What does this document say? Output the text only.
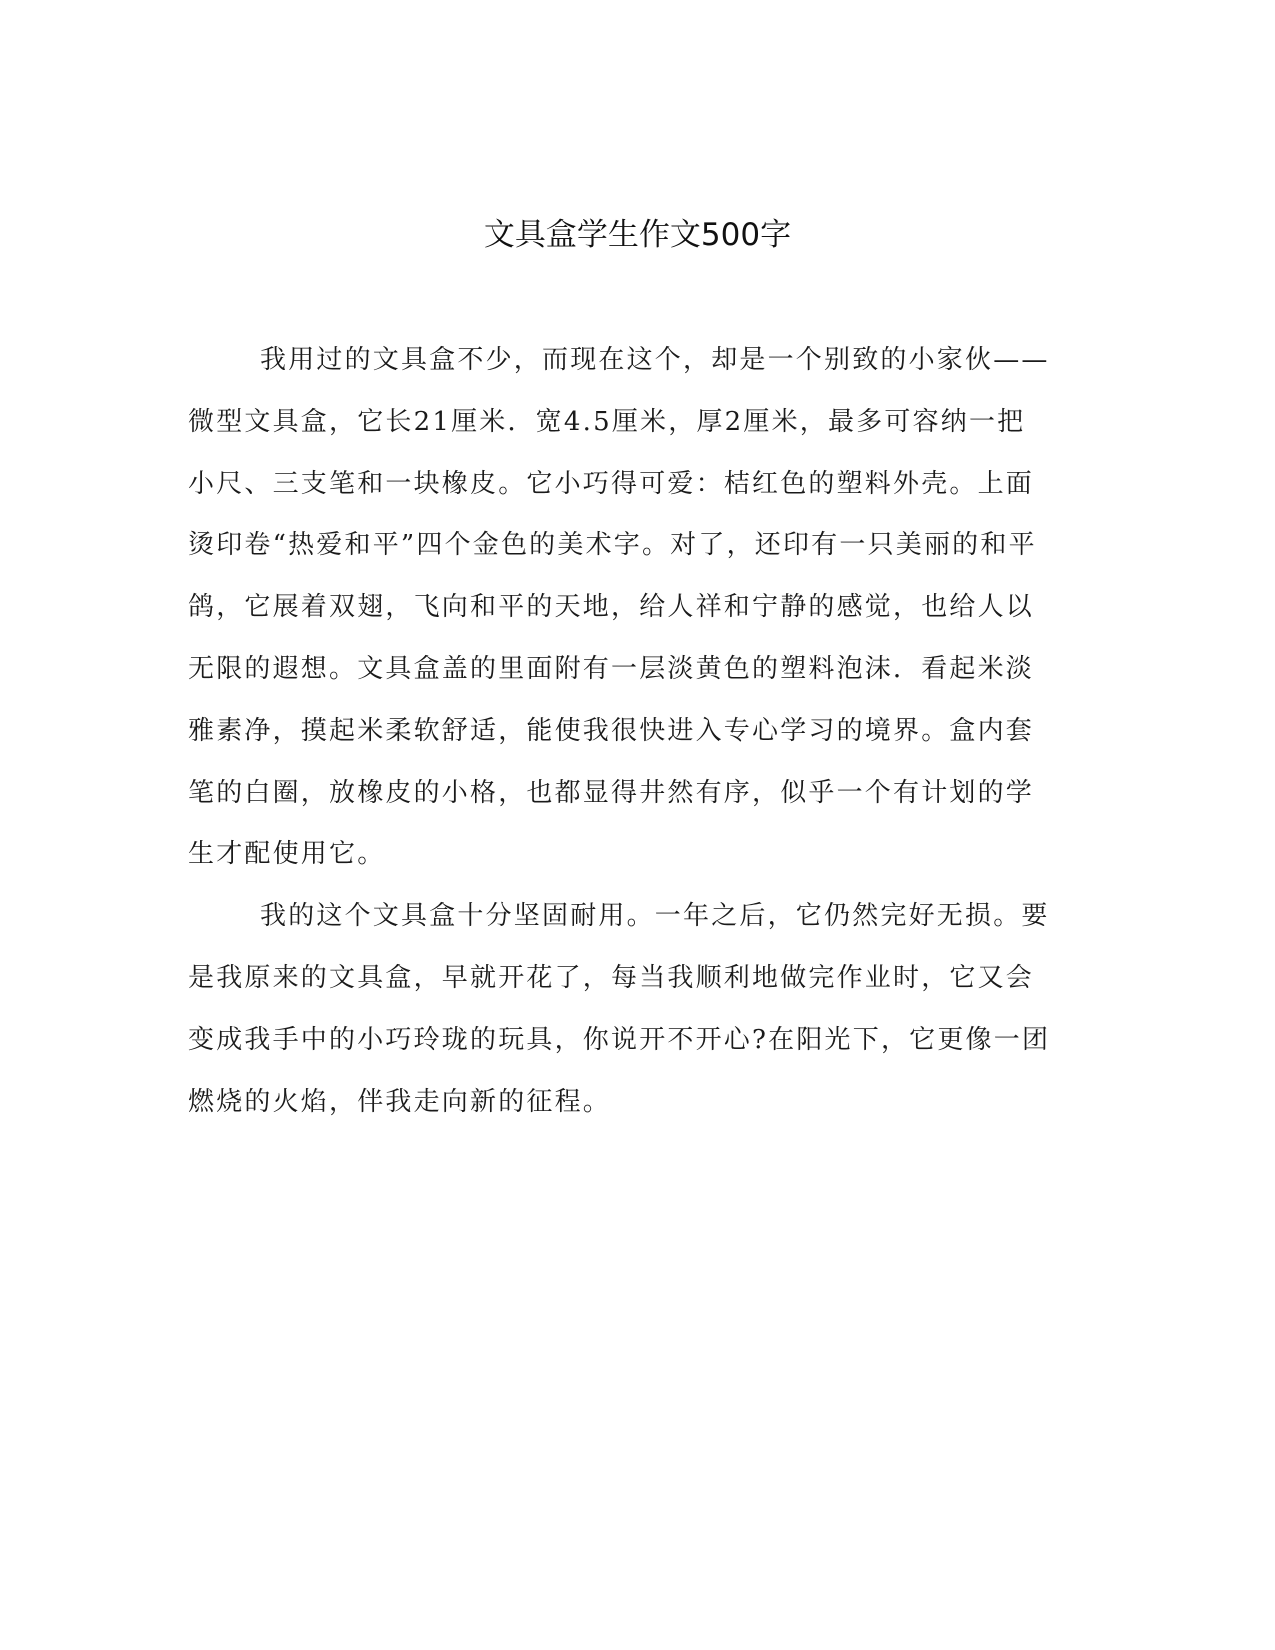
文具盒学生作文500字
我用过的文具盒不少，而现在这个，却是一个别致的小家伙——
微型文具盒，它长21厘米．宽4.5厘米，厚2厘米，最多可容纳一把
小尺、三支笔和一块橡皮。它小巧得可爱：桔红色的塑料外壳。上面
烫印卷“热爱和平”四个金色的美术字。对了，还印有一只美丽的和平
鸽，它展着双翅，飞向和平的天地，给人祥和宁静的感觉，也给人以
无限的遐想。文具盒盖的里面附有一层淡黄色的塑料泡沫．看起米淡
雅素净，摸起米柔软舒适，能使我很快进入专心学习的境界。盒内套
笔的白圈，放橡皮的小格，也都显得井然有序，似乎一个有计划的学
生才配使用它。
我的这个文具盒十分坚固耐用。一年之后，它仍然完好无损。要
是我原来的文具盒，早就开花了，每当我顺利地做完作业时，它又会
变成我手中的小巧玲珑的玩具，你说开不开心?在阳光下，它更像一团
燃烧的火焰，伴我走向新的征程。
